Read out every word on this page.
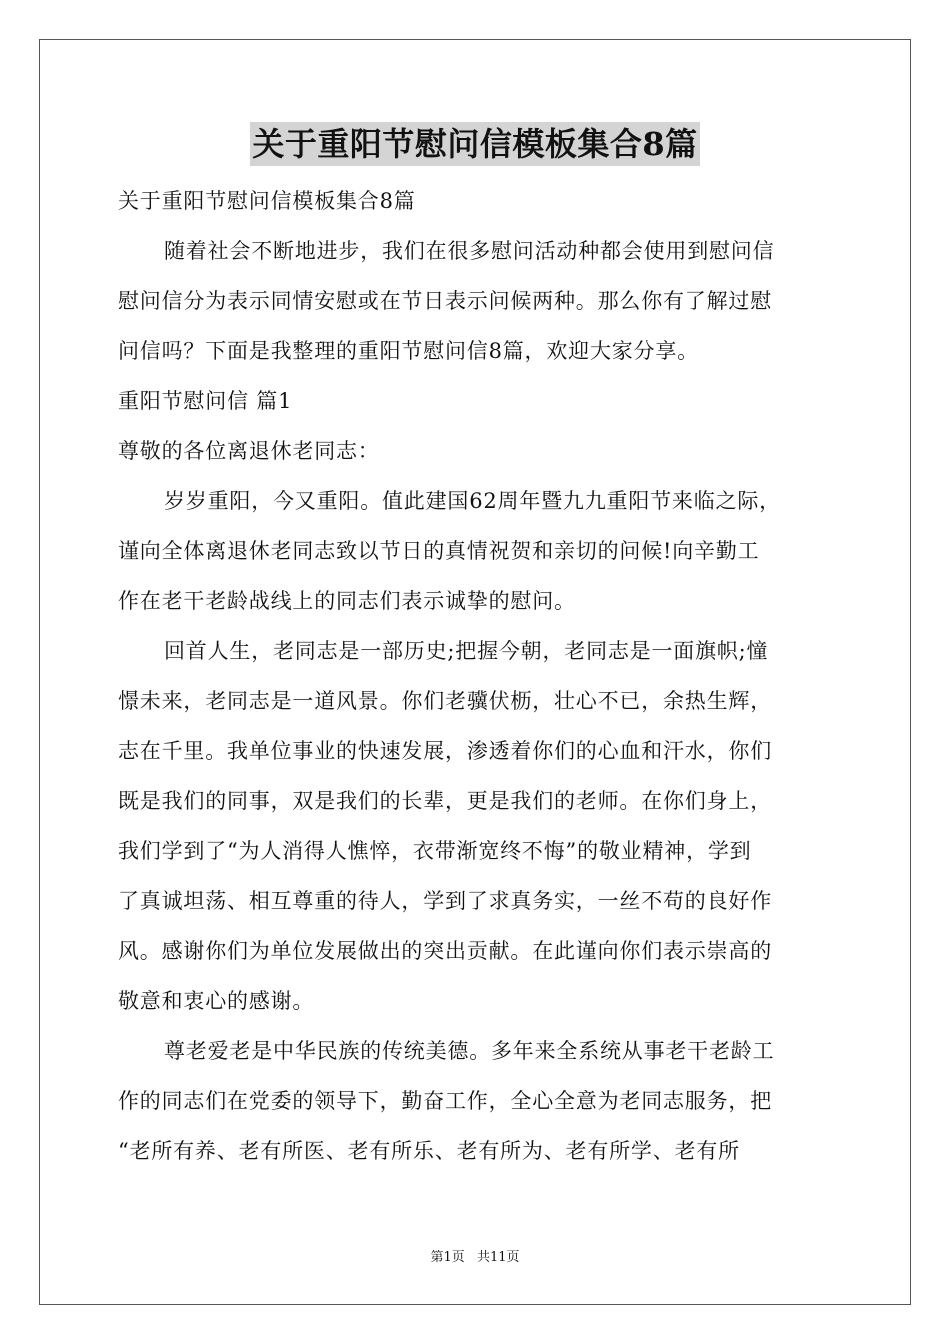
关于重阳节慰问信模板集合8篇
关于重阳节慰问信模板集合8篇
随着社会不断地进步，我们在很多慰问活动种都会使用到慰问信
慰问信分为表示同情安慰或在节日表示问候两种。那么你有了解过慰
问信吗？下面是我整理的重阳节慰问信8篇，欢迎大家分享。
重阳节慰问信 篇1
尊敬的各位离退休老同志：
岁岁重阳，今又重阳。值此建国62周年暨九九重阳节来临之际，
谨向全体离退休老同志致以节日的真情祝贺和亲切的问候!向辛勤工
作在老干老龄战线上的同志们表示诚挚的慰问。
回首人生，老同志是一部历史;把握今朝，老同志是一面旗帜;憧
憬未来，老同志是一道风景。你们老骥伏枥，壮心不已，余热生辉，
志在千里。我单位事业的快速发展，渗透着你们的心血和汗水，你们
既是我们的同事，双是我们的长辈，更是我们的老师。在你们身上，
我们学到了“为人消得人憔悴，衣带渐宽终不悔”的敬业精神，学到
了真诚坦荡、相互尊重的待人，学到了求真务实，一丝不苟的良好作
风。感谢你们为单位发展做出的突出贡献。在此谨向你们表示崇高的
敬意和衷心的感谢。
尊老爱老是中华民族的传统美德。多年来全系统从事老干老龄工
作的同志们在党委的领导下，勤奋工作，全心全意为老同志服务，把
“老所有养、老有所医、老有所乐、老有所为、老有所学、老有所
第1页 共11页
